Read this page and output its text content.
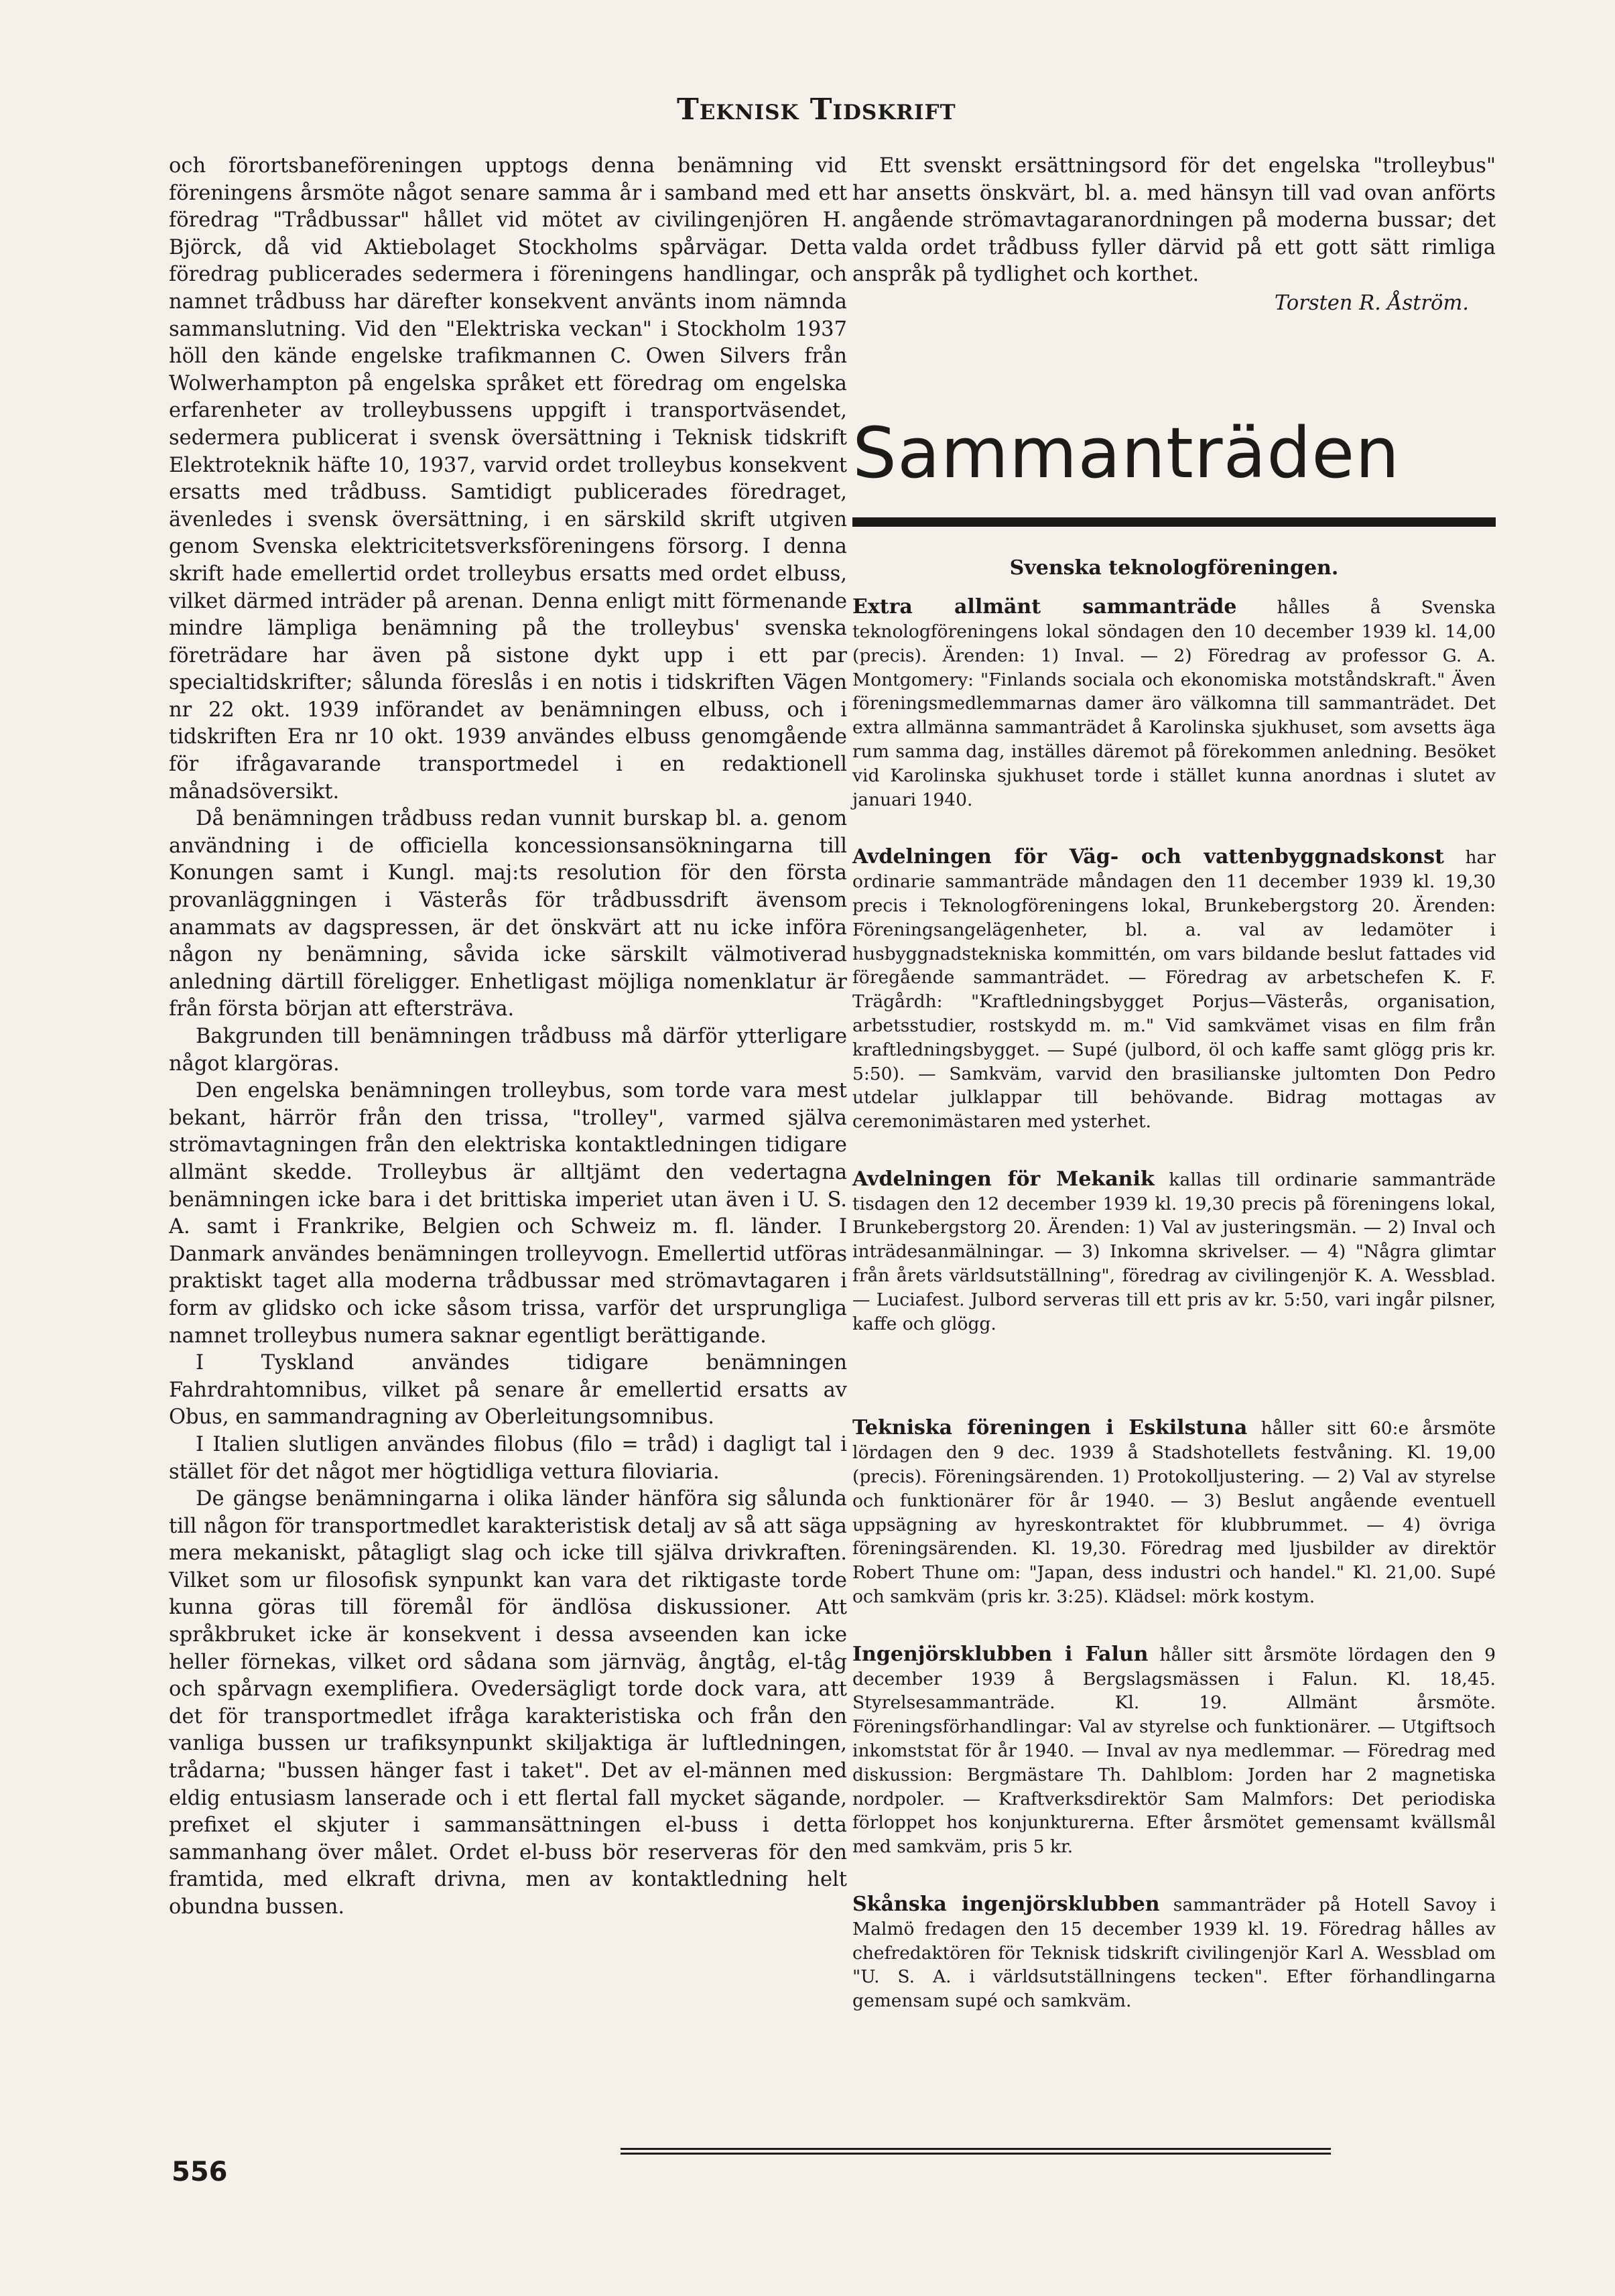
Teknisk Tidskrift

och förortsbaneföreningen upptogs denna benämning vid föreningens årsmöte något senare samma år i samband med ett föredrag "Trådbussar" hållet vid mötet av civilingenjören H. Björck, då vid Aktiebolaget Stockholms spårvägar. Detta föredrag publicerades sedermera i föreningens handlingar, och namnet trådbuss har därefter konsekvent använts inom nämnda sammanslutning. Vid den "Elektriska veckan" i Stockholm 1937 höll den kände engelske trafikmannen C. Owen Silvers från Wolwerhampton på engelska språket ett föredrag om engelska erfarenheter av trolleybussens uppgift i transportväsendet, sedermera publicerat i svensk översättning i Teknisk tidskrift Elektroteknik häfte 10, 1937, varvid ordet trolleybus konsekvent ersatts med trådbuss. Samtidigt publicerades föredraget, ävenledes i svensk översättning, i en särskild skrift utgiven genom Svenska elektricitetsverksföreningens försorg. I denna skrift hade emellertid ordet trolleybus ersatts med ordet elbuss, vilket därmed inträder på arenan. Denna enligt mitt förmenande mindre lämpliga benämning på the trolleybus' svenska företrädare har även på sistone dykt upp i ett par specialtidskrifter; sålunda föreslås i en notis i tidskriften Vägen nr 22 okt. 1939 införandet av benämningen elbuss, och i tidskriften Era nr 10 okt. 1939 användes elbuss genomgående för ifrågavarande transportmedel i en redaktionell månadsöversikt.

Då benämningen trådbuss redan vunnit burskap bl. a. genom användning i de officiella koncessionsansökningarna till Konungen samt i Kungl. maj:ts resolution för den första provanläggningen i Västerås för trådbussdrift ävensom anammats av dagspressen, är det önskvärt att nu icke införa någon ny benämning, såvida icke särskilt välmotiverad anledning därtill föreligger. Enhetligast möjliga nomenklatur är från första början att eftersträva.

Bakgrunden till benämningen trådbuss må därför ytterligare något klargöras.

Den engelska benämningen trolleybus, som torde vara mest bekant, härrör från den trissa, "trolley", varmed själva strömavtagningen från den elektriska kontaktledningen tidigare allmänt skedde. Trolleybus är alltjämt den vedertagna benämningen icke bara i det brittiska imperiet utan även i U. S. A. samt i Frankrike, Belgien och Schweiz m. fl. länder. I Danmark användes benämningen trolleyvogn. Emellertid utföras praktiskt taget alla moderna trådbussar med strömavtagaren i form av glidsko och icke såsom trissa, varför det ursprungliga namnet trolleybus numera saknar egentligt berättigande.

I Tyskland användes tidigare benämningen Fahrdrahtomnibus, vilket på senare år emellertid ersatts av Obus, en sammandragning av Oberleitungsomnibus.

I Italien slutligen användes filobus (filo = tråd) i dagligt tal i stället för det något mer högtidliga vettura filoviaria.

De gängse benämningarna i olika länder hänföra sig sålunda till någon för transportmedlet karakteristisk detalj av så att säga mera mekaniskt, påtagligt slag och icke till själva drivkraften. Vilket som ur filosofisk synpunkt kan vara det riktigaste torde kunna göras till föremål för ändlösa diskussioner. Att språkbruket icke är konsekvent i dessa avseenden kan icke heller förnekas, vilket ord sådana som järnväg, ångtåg, el-tåg och spårvagn exemplifiera. Ovedersägligt torde dock vara, att det för transportmedlet ifråga karakteristiska och från den vanliga bussen ur trafiksynpunkt skiljaktiga är luftledningen, trådarna; "bussen hänger fast i taket". Det av el-männen med eldig entusiasm lanserade och i ett flertal fall mycket sägande, prefixet el skjuter i sammansättningen el-buss i detta sammanhang över målet. Ordet el-buss bör reserveras för den framtida, med elkraft drivna, men av kontaktledning helt obundna bussen.

Ett svenskt ersättningsord för det engelska "trolleybus" har ansetts önskvärt, bl. a. med hänsyn till vad ovan anförts angående strömavtagaranordningen på moderna bussar; det valda ordet trådbuss fyller därvid på ett gott sätt rimliga anspråk på tydlighet och korthet.

Torsten R. Åström.
Sammanträden
Svenska teknologföreningen.

Extra allmänt sammanträde hålles å Svenska teknologföreningens lokal söndagen den 10 december 1939 kl. 14,00 (precis). Ärenden: 1) Inval. — 2) Föredrag av professor G. A. Montgomery: "Finlands sociala och ekonomiska motståndskraft." Även föreningsmedlemmarnas damer äro välkomna till sammanträdet. Det extra allmänna sammanträdet å Karolinska sjukhuset, som avsetts äga rum samma dag, inställes däremot på förekommen anledning. Besöket vid Karolinska sjukhuset torde i stället kunna anordnas i slutet av januari 1940.

Avdelningen för Väg- och vattenbyggnadskonst har ordinarie sammanträde måndagen den 11 december 1939 kl. 19,30 precis i Teknologföreningens lokal, Brunkebergstorg 20. Ärenden: Föreningsangelägenheter, bl. a. val av ledamöter i husbyggnadstekniska kommittén, om vars bildande beslut fattades vid föregående sammanträdet. — Föredrag av arbetschefen K. F. Trägårdh: "Kraftledningsbygget Porjus—Västerås, organisation, arbetsstudier, rostskydd m. m." Vid samkvämet visas en film från kraftledningsbygget. — Supé (julbord, öl och kaffe samt glögg pris kr. 5:50). — Samkväm, varvid den brasilianske jultomten Don Pedro utdelar julklappar till behövande. Bidrag mottagas av ceremonimästaren med ysterhet.

Avdelningen för Mekanik kallas till ordinarie sammanträde tisdagen den 12 december 1939 kl. 19,30 precis på föreningens lokal, Brunkebergstorg 20. Ärenden: 1) Val av justeringsmän. — 2) Inval och inträdesanmälningar. — 3) Inkomna skrivelser. — 4) "Några glimtar från årets världsutställning", föredrag av civilingenjör K. A. Wessblad. — Luciafest. Julbord serveras till ett pris av kr. 5:50, vari ingår pilsner, kaffe och glögg.

Tekniska föreningen i Eskilstuna håller sitt 60:e årsmöte lördagen den 9 dec. 1939 å Stadshotellets festvåning. Kl. 19,00 (precis). Föreningsärenden. 1) Protokolljustering. — 2) Val av styrelse och funktionärer för år 1940. — 3) Beslut angående eventuell uppsägning av hyreskontraktet för klubbrummet. — 4) övriga föreningsärenden. Kl. 19,30. Föredrag med ljusbilder av direktör Robert Thune om: "Japan, dess industri och handel." Kl. 21,00. Supé och samkväm (pris kr. 3:25). Klädsel: mörk kostym.

Ingenjörsklubben i Falun håller sitt årsmöte lördagen den 9 december 1939 å Bergslagsmässen i Falun. Kl. 18,45. Styrelsesammanträde. Kl. 19. Allmänt årsmöte. Föreningsförhandlingar: Val av styrelse och funktionärer. — Utgiftsoch inkomststat för år 1940. — Inval av nya medlemmar. — Föredrag med diskussion: Bergmästare Th. Dahlblom: Jorden har 2 magnetiska nordpoler. — Kraftverksdirektör Sam Malmfors: Det periodiska förloppet hos konjunkturerna. Efter årsmötet gemensamt kvällsmål med samkväm, pris 5 kr.

Skånska ingenjörsklubben sammanträder på Hotell Savoy i Malmö fredagen den 15 december 1939 kl. 19. Föredrag hålles av chefredaktören för Teknisk tidskrift civilingenjör Karl A. Wessblad om "U. S. A. i världsutställningens tecken". Efter förhandlingarna gemensam supé och samkväm.

556
